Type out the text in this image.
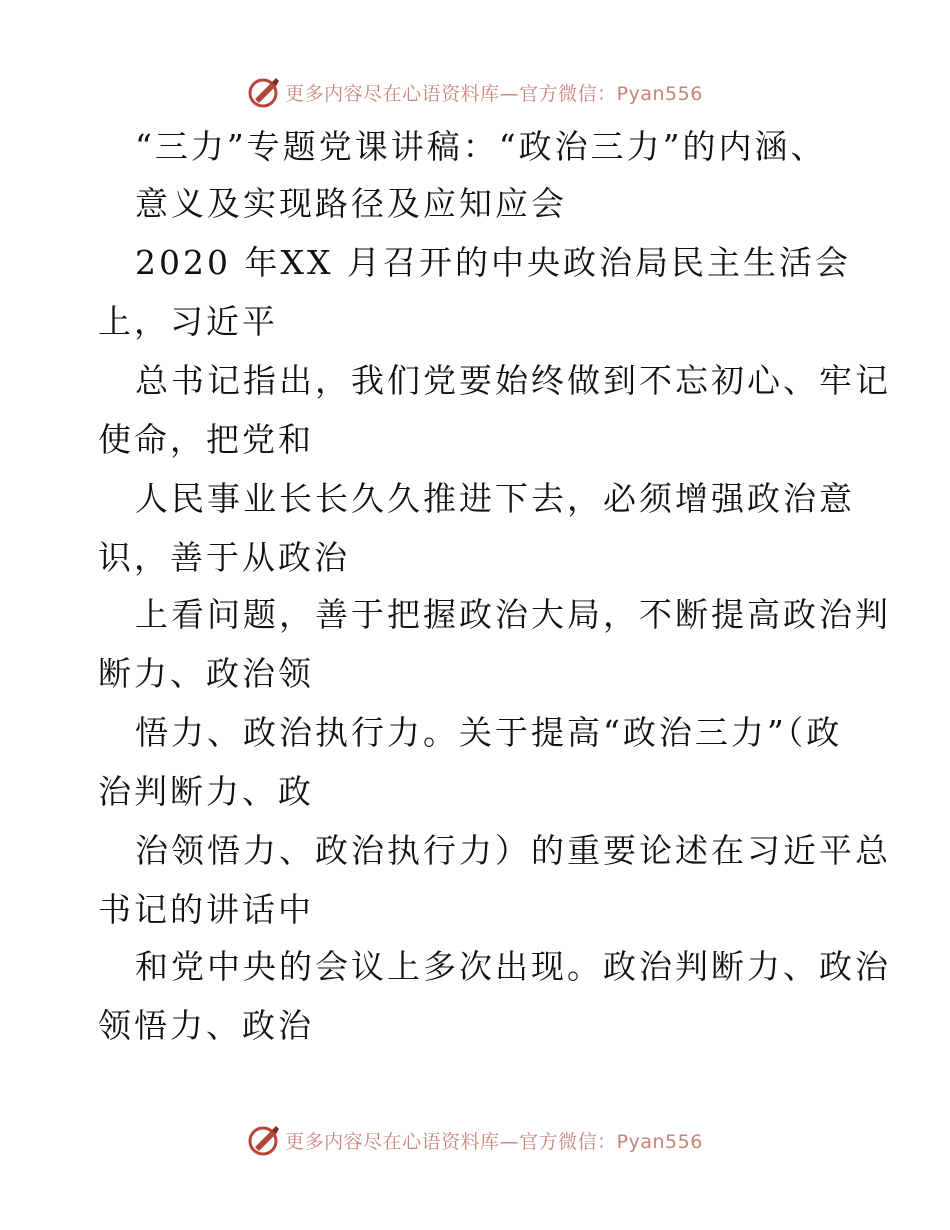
更多内容尽在心语资料库—官方微信：Pyan556
“三力”专题党课讲稿：“政治三力”的内涵、
意义及实现路径及应知应会
2020 年XX 月召开的中央政治局民主生活会
上，习近平
总书记指出，我们党要始终做到不忘初心、牢记
使命，把党和
人民事业长长久久推进下去，必须增强政治意
识，善于从政治
上看问题，善于把握政治大局，不断提高政治判
断力、政治领
悟力、政治执行力。关于提高“政治三力”（政
治判断力、政
治领悟力、政治执行力）的重要论述在习近平总
书记的讲话中
和党中央的会议上多次出现。政治判断力、政治
领悟力、政治
更多内容尽在心语资料库—官方微信：Pyan556
